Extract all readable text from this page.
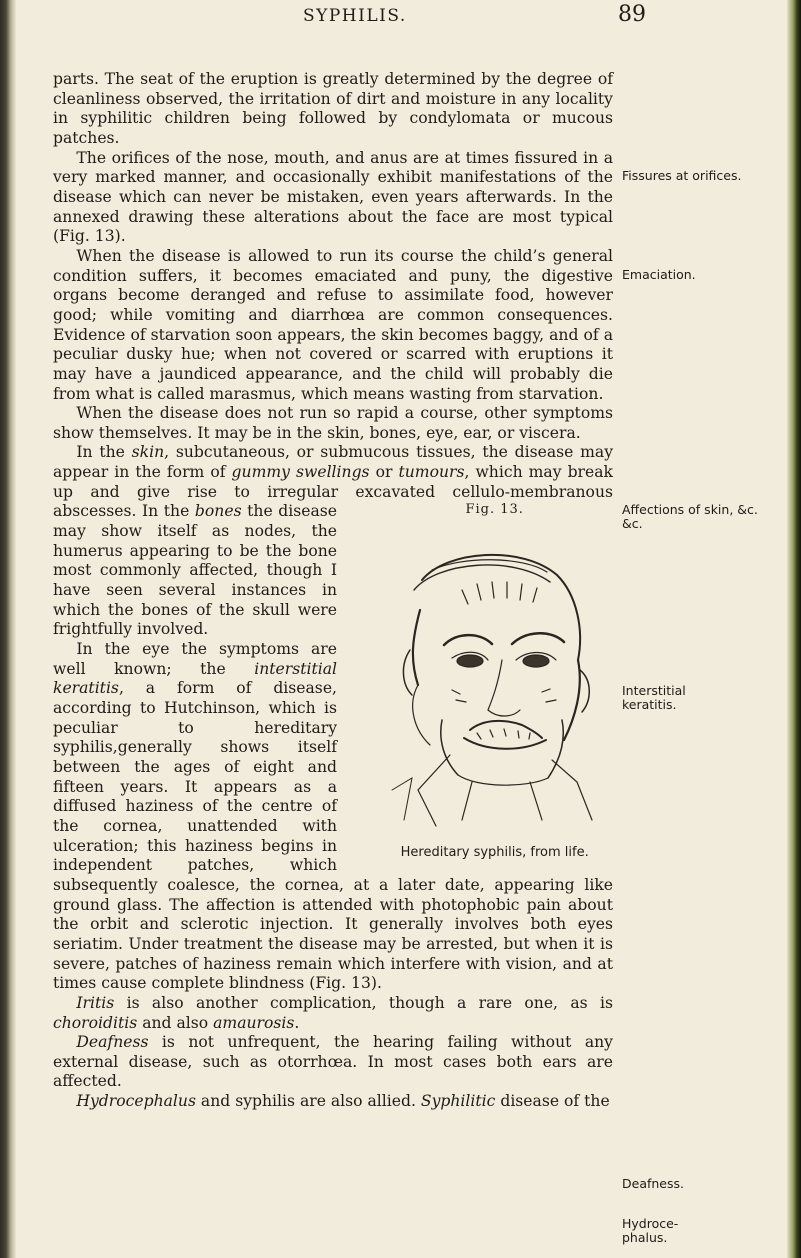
SYPHILIS.	89

parts. The seat of the eruption is greatly determined by the degree of cleanliness observed, the irritation of dirt and moisture in any locality in syphilitic children being followed by condylomata or mucous patches.

The orifices of the nose, mouth, and anus are at times fissured in a very marked manner, and occasionally exhibit manifestations of the disease which can never be mistaken, even years afterwards. In the annexed drawing these alterations about the face are most typical (Fig. 13).

When the disease is allowed to run its course the child’s general condition suffers, it becomes emaciated and puny, the digestive organs become deranged and refuse to assimilate food, however good; while vomiting and diarrhœa are common consequences. Evidence of starvation soon appears, the skin becomes baggy, and of a peculiar dusky hue; when not covered or scarred with eruptions it may have a jaundiced appearance, and the child will probably die from what is called marasmus, which means wasting from starvation.

When the disease does not run so rapid a course, other symptoms show themselves. It may be in the skin, bones, eye, ear, or viscera.

In the skin, subcutaneous, or submucous tissues, the disease may appear in the form of gummy swellings or tumours, which may break up and give rise to irregular excavated cellulo-membranous abscesses. In the	Fig. 13.
Hereditary syphilis, from life.
bones the disease may show itself as nodes, the humerus appearing to be the bone most commonly affected, though I have seen several instances in which the bones of the skull were frightfully involved.

In the eye the symptoms are well known; the interstitial keratitis, a form of disease, according to Hutchinson, which is peculiar to hereditary syphilis,generally shows itself between the ages of eight and fifteen years. It appears as a diffused haziness of the centre of the cornea, unattended with ulceration; this haziness begins in independent patches, which subsequently coalesce, the cornea, at a later date, appearing like ground glass. The affection is attended with photophobic pain about the orbit and sclerotic injection. It generally involves both eyes seriatim. Under treatment the disease may be arrested, but when it is severe, patches of haziness remain which interfere with vision, and at times cause complete blindness (Fig. 13).

Iritis is also another complication, though a rare one, as is choroiditis and also amaurosis.

Deafness is not unfrequent, the hearing failing without any external disease, such as otorrhœa. In most cases both ears are affected.

Hydrocephalus and syphilis are also allied. Syphilitic disease of the

Fissures at orifices.
Emaciation.
Affections of skin, &c. &c.
Interstitial keratitis.
Deafness.
Hydroce-phalus.
